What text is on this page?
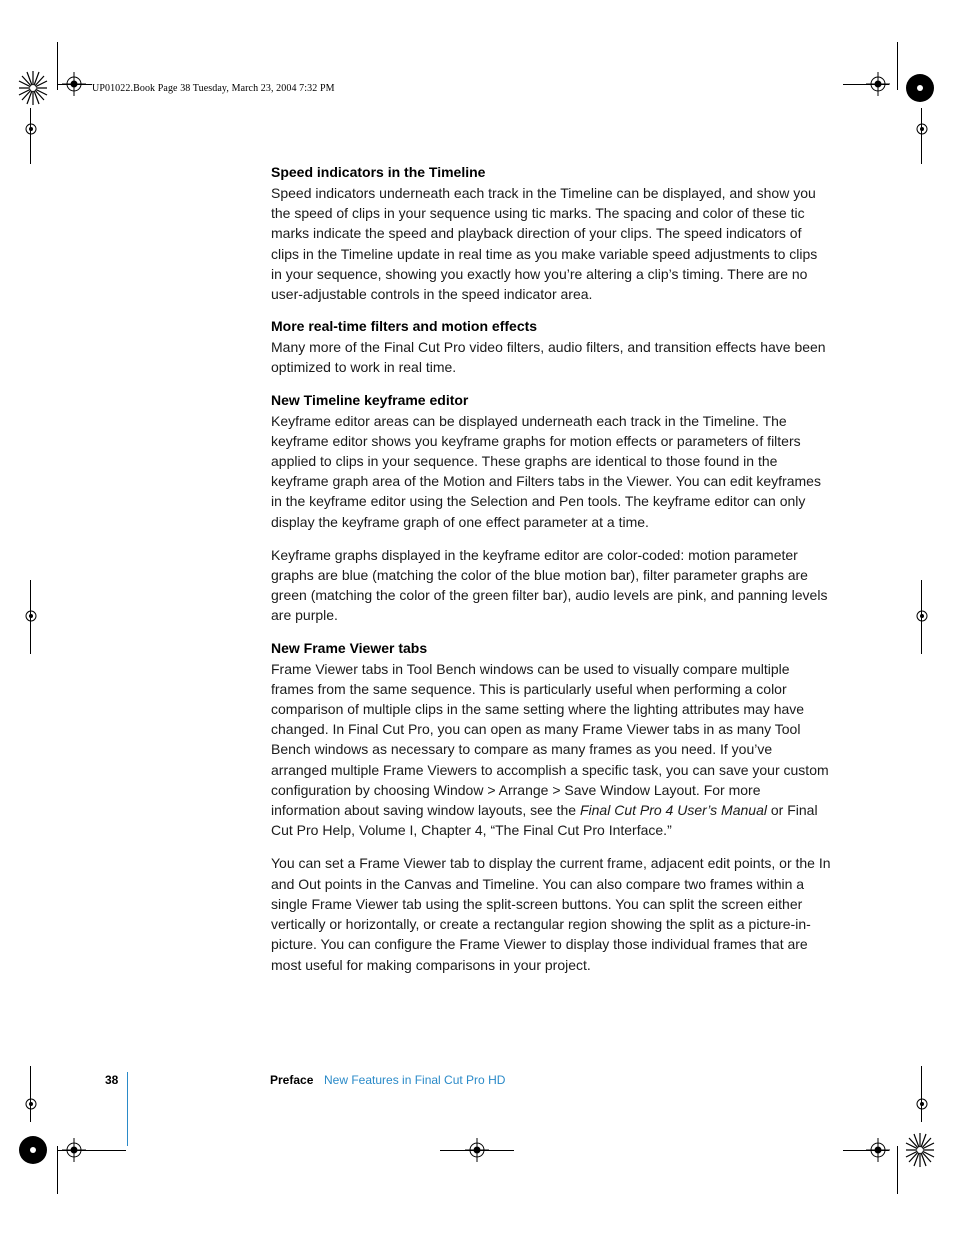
UP01022.Book Page 38 Tuesday, March 23, 2004 7:32 PM
Speed indicators in the Timeline

Speed indicators underneath each track in the Timeline can be displayed, and show you the speed of clips in your sequence using tic marks. The spacing and color of these tic marks indicate the speed and playback direction of your clips. The speed indicators of clips in the Timeline update in real time as you make variable speed adjustments to clips in your sequence, showing you exactly how you’re altering a clip’s timing. There are no user-adjustable controls in the speed indicator area.

More real-time filters and motion effects

Many more of the Final Cut Pro video filters, audio filters, and transition effects have been optimized to work in real time.

New Timeline keyframe editor

Keyframe editor areas can be displayed underneath each track in the Timeline. The keyframe editor shows you keyframe graphs for motion effects or parameters of filters applied to clips in your sequence. These graphs are identical to those found in the keyframe graph area of the Motion and Filters tabs in the Viewer. You can edit keyframes in the keyframe editor using the Selection and Pen tools. The keyframe editor can only display the keyframe graph of one effect parameter at a time.

Keyframe graphs displayed in the keyframe editor are color-coded: motion parameter graphs are blue (matching the color of the blue motion bar), filter parameter graphs are green (matching the color of the green filter bar), audio levels are pink, and panning levels are purple.

New Frame Viewer tabs

Frame Viewer tabs in Tool Bench windows can be used to visually compare multiple frames from the same sequence. This is particularly useful when performing a color comparison of multiple clips in the same setting where the lighting attributes may have changed. In Final Cut Pro, you can open as many Frame Viewer tabs in as many Tool Bench windows as necessary to compare as many frames as you need. If you’ve arranged multiple Frame Viewers to accomplish a specific task, you can save your custom configuration by choosing Window > Arrange > Save Window Layout. For more information about saving window layouts, see the Final Cut Pro 4 User’s Manual or Final Cut Pro Help, Volume I, Chapter 4, “The Final Cut Pro Interface.”

You can set a Frame Viewer tab to display the current frame, adjacent edit points, or the In and Out points in the Canvas and Timeline. You can also compare two frames within a single Frame Viewer tab using the split-screen buttons. You can split the screen either vertically or horizontally, or create a rectangular region showing the split as a picture-in-picture. You can configure the Frame Viewer to display those individual frames that are most useful for making comparisons in your project.

38	Preface New Features in Final Cut Pro HD
